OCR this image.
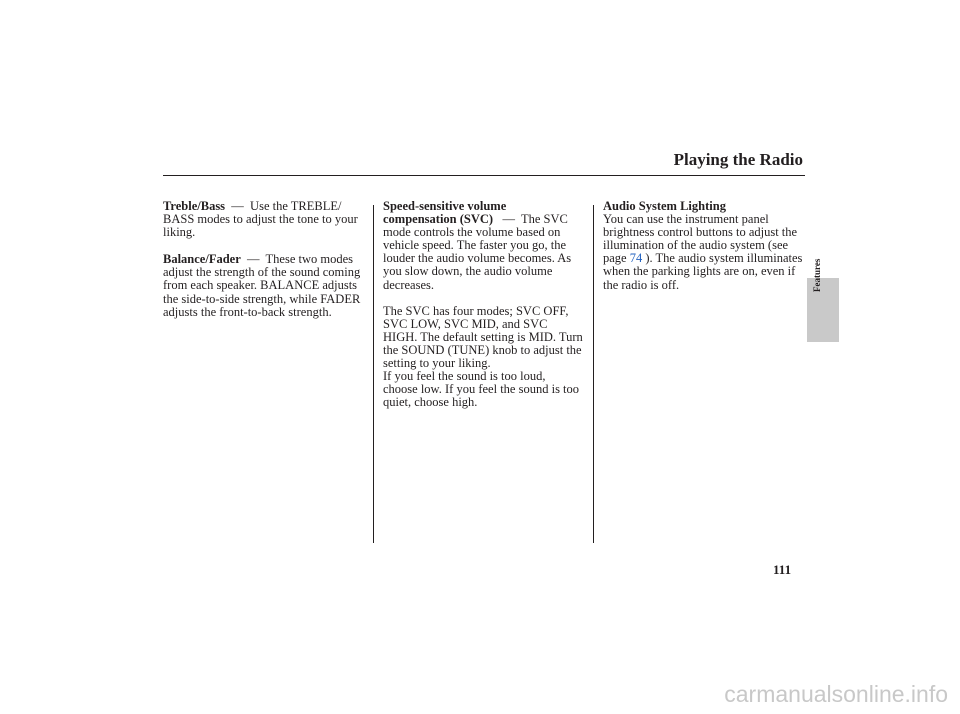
Playing the Radio

Treble/Bass — Use the TREBLE/ BASS modes to adjust the tone to your liking.

Balance/Fader — These two modes adjust the strength of the sound coming from each speaker. BALANCE adjusts the side-to-side strength, while FADER adjusts the front-to-back strength.

Speed-sensitive volume

compensation (SVC) — The SVC mode controls the volume based on vehicle speed. The faster you go, the louder the audio volume becomes. As you slow down, the audio volume decreases.

The SVC has four modes; SVC OFF, SVC LOW, SVC MID, and SVC HIGH. The default setting is MID. Turn the SOUND (TUNE) knob to adjust the setting to your liking.

If you feel the sound is too loud, choose low. If you feel the sound is too quiet, choose high.

Audio System Lighting

You can use the instrument panel brightness control buttons to adjust the illumination of the audio system (see page 74 ). The audio system illuminates when the parking lights are on, even if the radio is off.	Features
111
carmanualsonline.info
